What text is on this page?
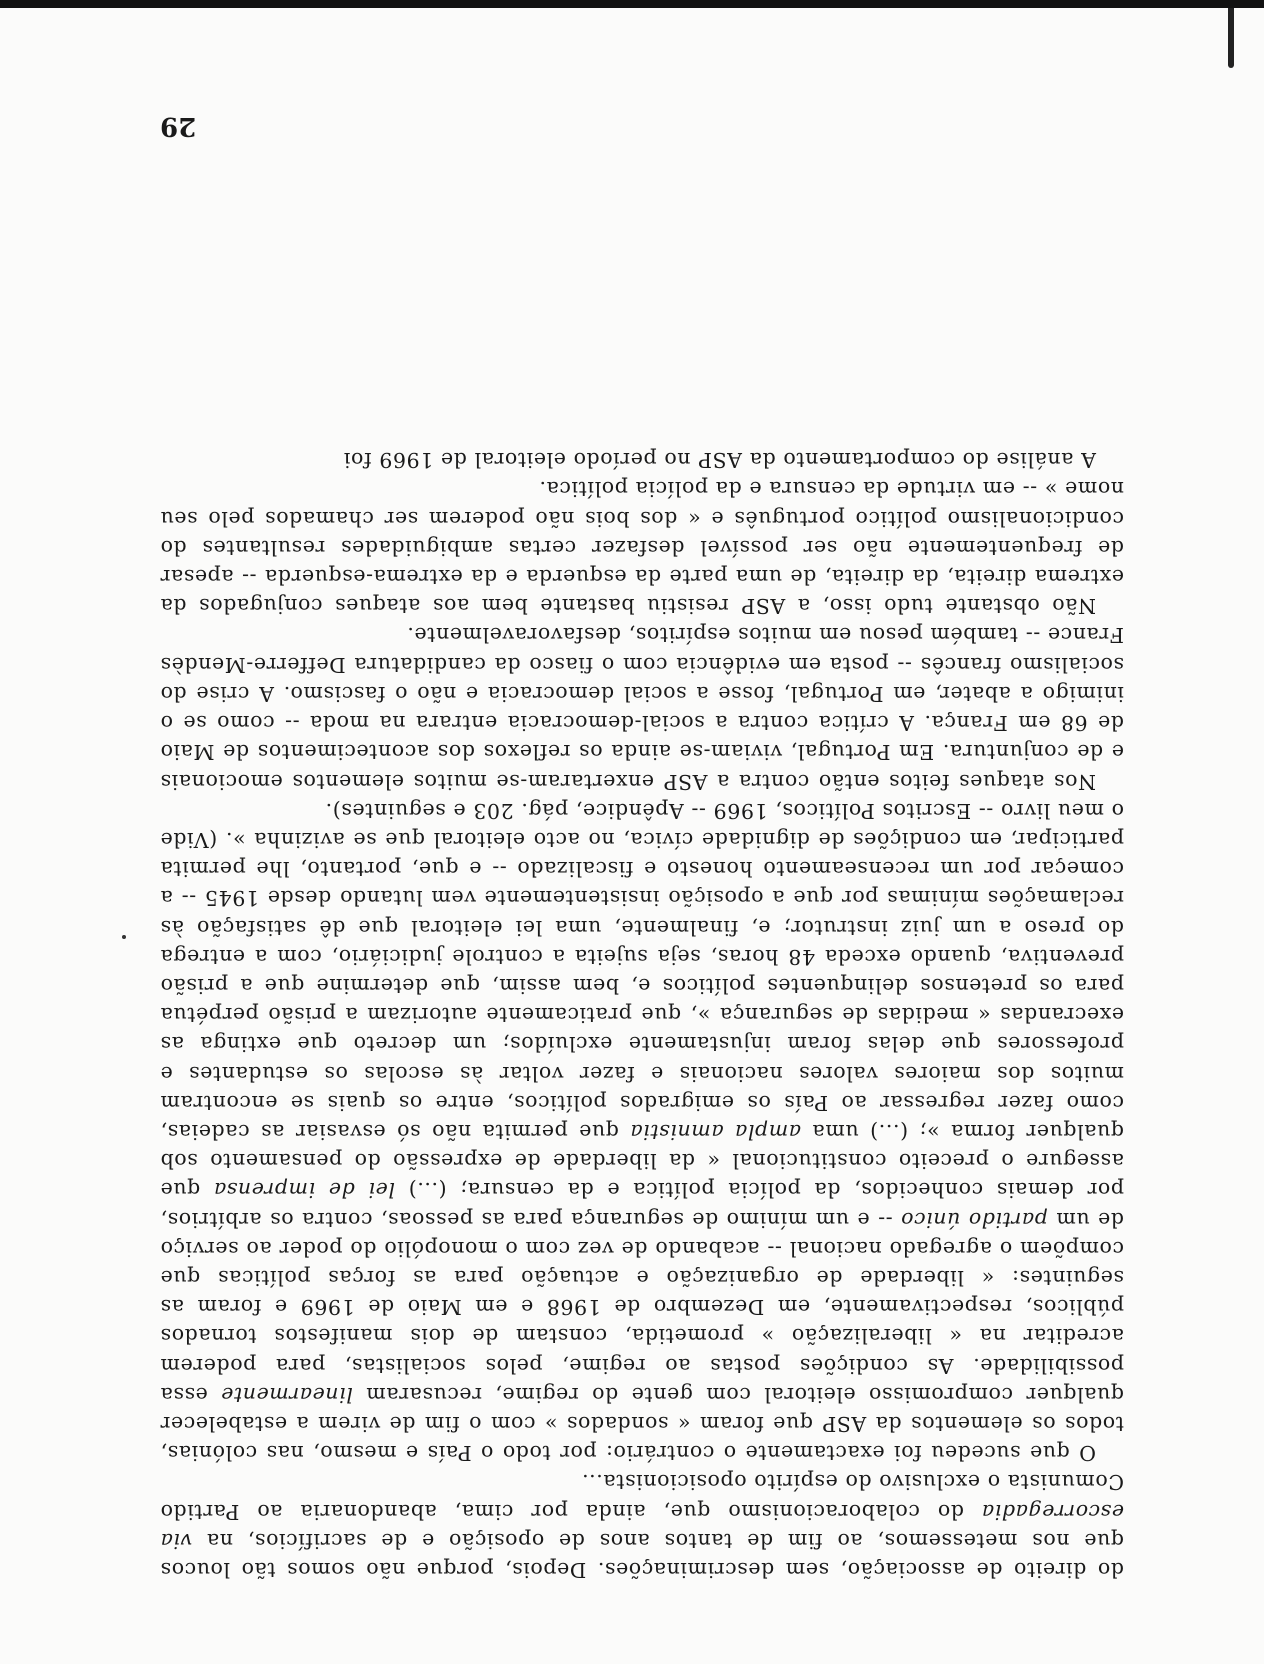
do direito de associação, sem descriminações. Depois, porque não somos tão loucos que nos metessemos, ao fim de tantos anos de oposição e de sacrifícios, na via escorregadia do colaboracionismo que, ainda por cima, abandonaria ao Partido Comunista o exclusivo do espírito oposicionista...

O que sucedeu foi exactamente o contrário: por todo o País e mesmo, nas colónias, todos os elementos da ASP que foram « sondados » com o fim de virem a estabelecer qualquer compromisso eleitoral com gente do regime, recusaram linearmente essa possibilidade. As condições postas ao regime, pelos socialistas, para poderem acreditar na « liberalização » prometida, constam de dois manifestos tornados públicos, respectivamente, em Dezembro de 1968 e em Maio de 1969 e foram as seguintes: « liberdade de organização e actuação para as forças políticas que compõem o agregado nacional -- acabando de vez com o monopólio do poder ao serviço de um partido único -- e um mínimo de segurança para as pessoas, contra os arbítrios, por demais conhecidos, da polícia política e da censura; (...) lei de imprensa que assegure o preceito constitucional « da liberdade de expressão do pensamento sob qualquer forma »; (...) uma ampla amnistia que permita não só esvasiar as cadeias, como fazer regressar ao País os emigrados políticos, entre os quais se encontram muitos dos maiores valores nacionais e fazer voltar às escolas os estudantes e professores que delas foram injustamente excluídos; um decreto que extinga as execrandas « medidas de segurança », que praticamente autorizam a prisão perpétua para os pretensos delinquentes políticos e, bem assim, que determine que a prisão preventiva, quando exceda 48 horas, seja sujeita a controle judiciário, com a entrega do preso a um juiz instrutor; e, finalmente, uma lei eleitoral que dê satisfação às reclamações mínimas por que a oposição insistentemente vem lutando desde 1945 -- a começar por um recenseamento honesto e fiscalizado -- e que, portanto, lhe permita participar, em condições de dignidade cívica, no acto eleitoral que se avizinha ». (Vide o meu livro -- Escritos Políticos, 1969 -- Apêndice, pág. 203 e seguintes).

Nos ataques feitos então contra a ASP enxertaram-se muitos elementos emocionais e de conjuntura. Em Portugal, viviam-se ainda os reflexos dos acontecimentos de Maio de 68 em França. A crítica contra a social-democracia entrara na moda -- como se o inimigo a abater, em Portugal, fosse a social democracia e não o fascismo. A crise do socialismo francês -- posta em evidência com o fiasco da candidatura Defferre-Mendès France -- também pesou em muitos espíritos, desfavoravelmente.

Não obstante tudo isso, a ASP resistiu bastante bem aos ataques conjugados da extrema direita, da direita, de uma parte da esquerda e da extrema-esquerda -- apesar de frequentemente não ser possível desfazer certas ambiguidades resultantes do condicionalismo político português e « dos bois não poderem ser chamados pelo seu nome » -- em virtude da censura e da polícia política.

A análise do comportamento da ASP no período eleitoral de 1969 foi

29
